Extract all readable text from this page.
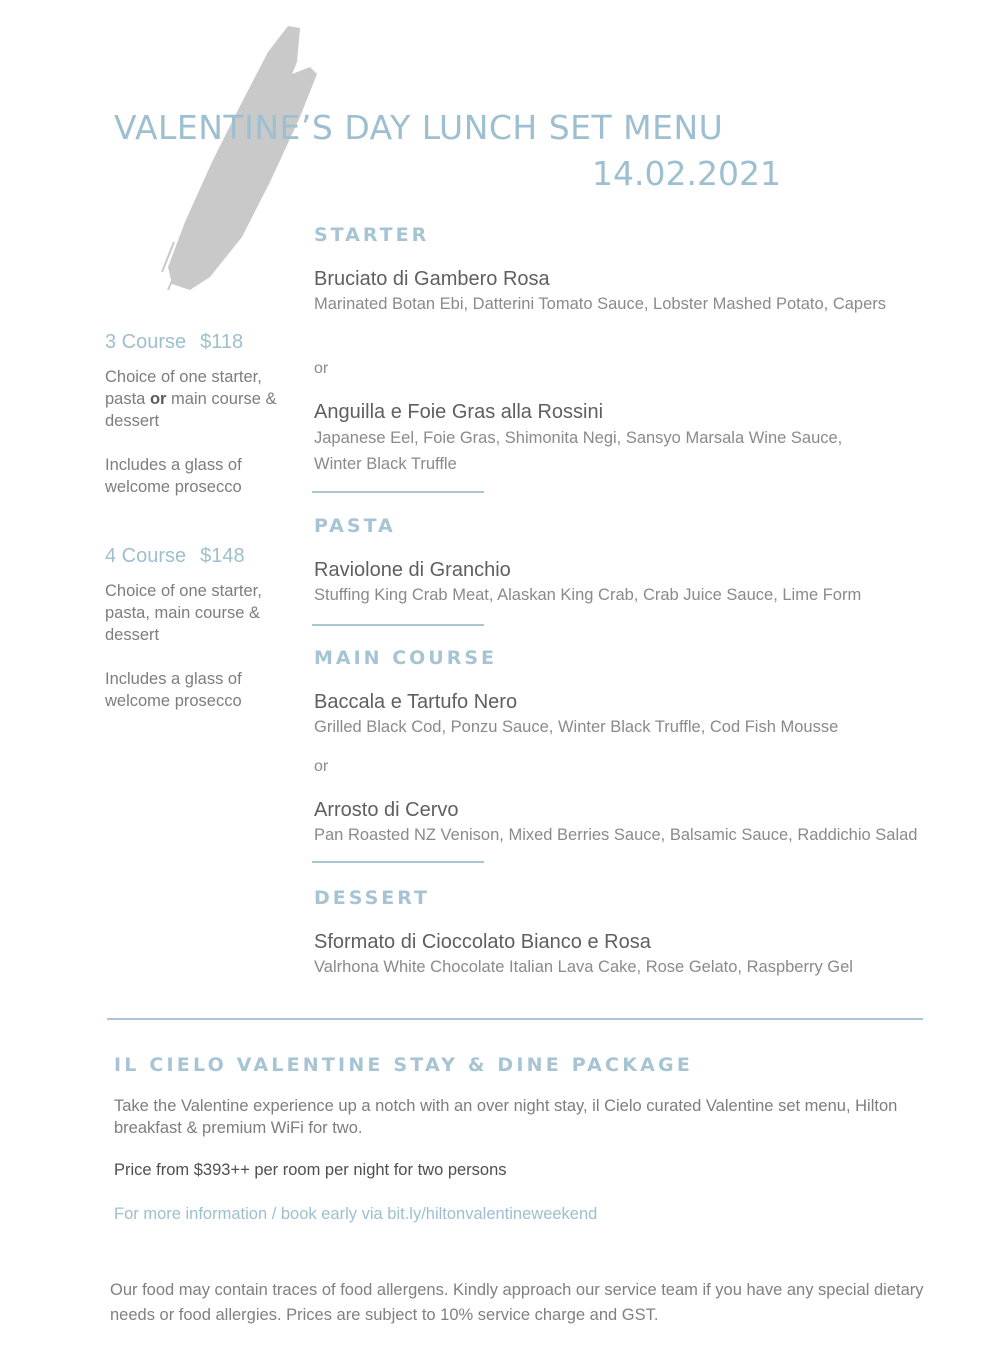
VALENTINE’S DAY LUNCH SET MENU
14.02.2021
3 Course $118
Choice of one starter, pasta or main course & dessert
Includes a glass of welcome prosecco
4 Course $148
Choice of one starter, pasta, main course & dessert
Includes a glass of welcome prosecco
STARTER
Bruciato di Gambero Rosa
Marinated Botan Ebi, Datterini Tomato Sauce, Lobster Mashed Potato, Capers
or
Anguilla e Foie Gras alla Rossini
Japanese Eel, Foie Gras, Shimonita Negi, Sansyo Marsala Wine Sauce, Winter Black Truffle
PASTA
Raviolone di Granchio
Stuffing King Crab Meat, Alaskan King Crab, Crab Juice Sauce, Lime Form
MAIN COURSE
Baccala e Tartufo Nero
Grilled Black Cod, Ponzu Sauce, Winter Black Truffle, Cod Fish Mousse
or
Arrosto di Cervo
Pan Roasted NZ Venison, Mixed Berries Sauce, Balsamic Sauce, Raddichio Salad
DESSERT
Sformato di Cioccolato Bianco e Rosa
Valrhona White Chocolate Italian Lava Cake, Rose Gelato, Raspberry Gel
IL CIELO VALENTINE STAY & DINE PACKAGE
Take the Valentine experience up a notch with an over night stay, il Cielo curated Valentine set menu, Hilton breakfast & premium WiFi for two.
Price from $393++ per room per night for two persons
For more information / book early via bit.ly/hiltonvalentineweekend
Our food may contain traces of food allergens. Kindly approach our service team if you have any special dietary needs or food allergies. Prices are subject to 10% service charge and GST.
